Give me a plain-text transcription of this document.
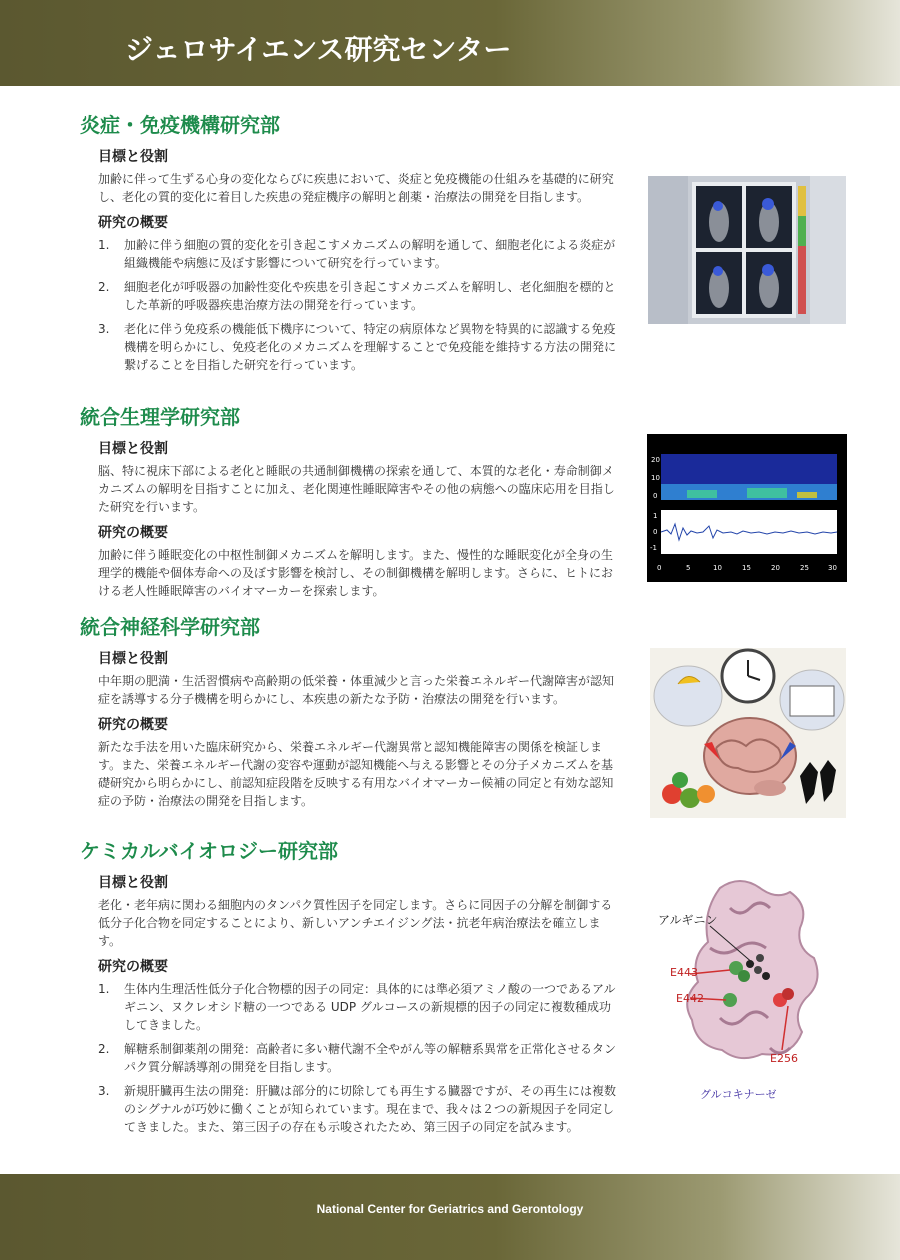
ジェロサイエンス研究センター
炎症・免疫機構研究部
目標と役割
加齢に伴って生ずる心身の変化ならびに疾患において、炎症と免疫機能の仕組みを基礎的に研究し、老化の質的変化に着目した疾患の発症機序の解明と創薬・治療法の開発を目指します。
研究の概要
1. 加齢に伴う細胞の質的変化を引き起こすメカニズムの解明を通して、細胞老化による炎症が組織機能や病態に及ぼす影響について研究を行っています。
2. 細胞老化が呼吸器の加齢性変化や疾患を引き起こすメカニズムを解明し、老化細胞を標的とした革新的呼吸器疾患治療方法の開発を行っています。
3. 老化に伴う免疫系の機能低下機序について、特定の病原体など異物を特異的に認識する免疫機構を明らかにし、免疫老化のメカニズムを理解することで免疫能を維持する方法の開発に繋げることを目指した研究を行っています。
統合生理学研究部
目標と役割
脳、特に視床下部による老化と睡眠の共通制御機構の探索を通して、本質的な老化・寿命制御メカニズムの解明を目指すことに加え、老化関連性睡眠障害やその他の病態への臨床応用を目指した研究を行います。
研究の概要
加齢に伴う睡眠変化の中枢性制御メカニズムを解明します。また、慢性的な睡眠変化が全身の生理学的機能や個体寿命への及ぼす影響を検討し、その制御機構を解明します。さらに、ヒトにおける老人性睡眠障害のバイオマーカーを探索します。
20
10
0
1
0
-1
0	5	10	15	20	25	30
統合神経科学研究部
目標と役割
中年期の肥満・生活習慣病や高齢期の低栄養・体重減少と言った栄養エネルギー代謝障害が認知症を誘導する分子機構を明らかにし、本疾患の新たな予防・治療法の開発を行います。
研究の概要
新たな手法を用いた臨床研究から、栄養エネルギー代謝異常と認知機能障害の関係を検証します。また、栄養エネルギー代謝の変容や運動が認知機能へ与える影響とその分子メカニズムを基礎研究から明らかにし、前認知症段階を反映する有用なバイオマーカー候補の同定と有効な認知症の予防・治療法の開発を目指します。
ケミカルバイオロジー研究部
目標と役割
老化・老年病に関わる細胞内のタンパク質性因子を同定します。さらに同因子の分解を制御する低分子化合物を同定することにより、新しいアンチエイジング法・抗老年病治療法を確立します。
研究の概要
1. 生体内生理活性低分子化合物標的因子の同定：具体的には準必須アミノ酸の一つであるアルギニン、ヌクレオシド糖の一つである UDP グルコースの新規標的因子の同定に複数種成功してきました。
2. 解糖系制御薬剤の開発：高齢者に多い糖代謝不全やがん等の解糖系異常を正常化させるタンパク質分解誘導剤の開発を目指します。
3. 新規肝臓再生法の開発：肝臓は部分的に切除しても再生する臓器ですが、その再生には複数のシグナルが巧妙に働くことが知られています。現在まで、我々は２つの新規因子を同定してきました。また、第三因子の存在も示唆されたため、第三因子の同定を試みます。
アルギニン
E443
E442
E256
グルコキナーゼ
National Center for Geriatrics and Gerontology
